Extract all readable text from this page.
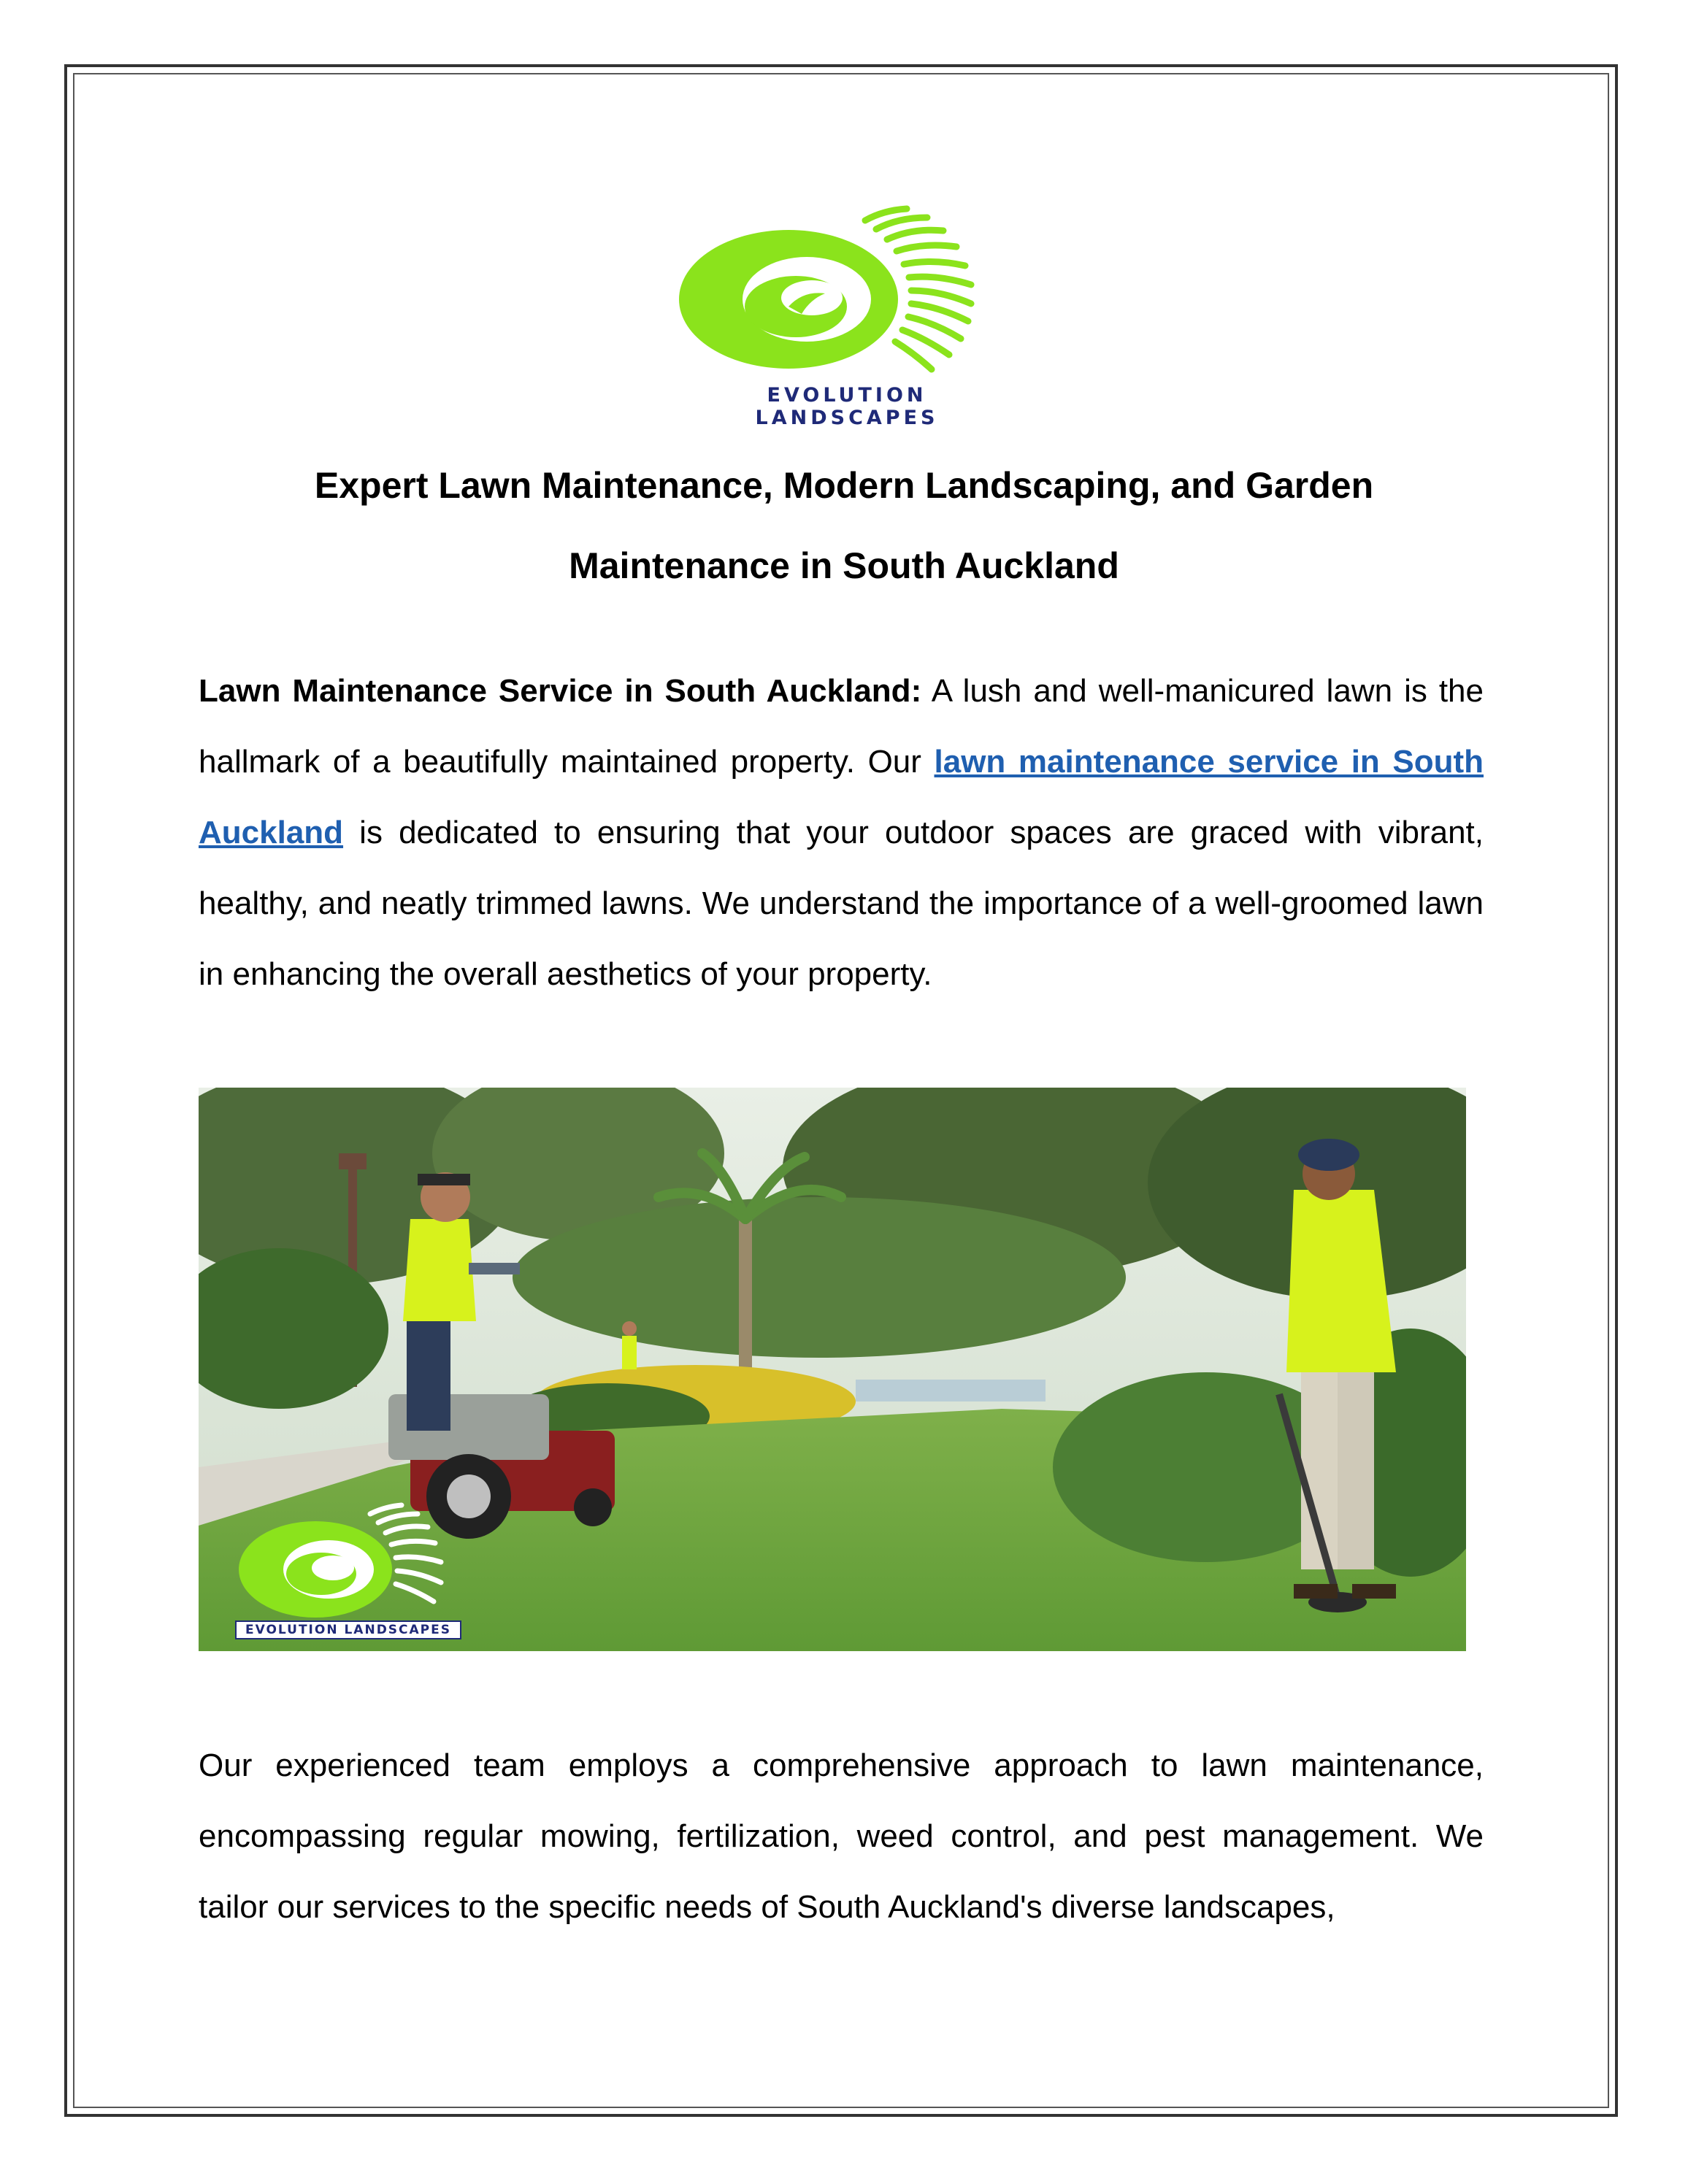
EVOLUTION LANDSCAPES
Expert Lawn Maintenance, Modern Landscaping, and Garden
Maintenance in South Auckland
Lawn Maintenance Service in South Auckland: A lush and well-manicured lawn is the hallmark of a beautifully maintained property. Our lawn maintenance service in South Auckland is dedicated to ensuring that your outdoor spaces are graced with vibrant, healthy, and neatly trimmed lawns. We understand the importance of a well-groomed lawn in enhancing the overall aesthetics of your property.
EVOLUTION LANDSCAPES
Our experienced team employs a comprehensive approach to lawn maintenance, encompassing regular mowing, fertilization, weed control, and pest management. We tailor our services to the specific needs of South Auckland's diverse landscapes,
